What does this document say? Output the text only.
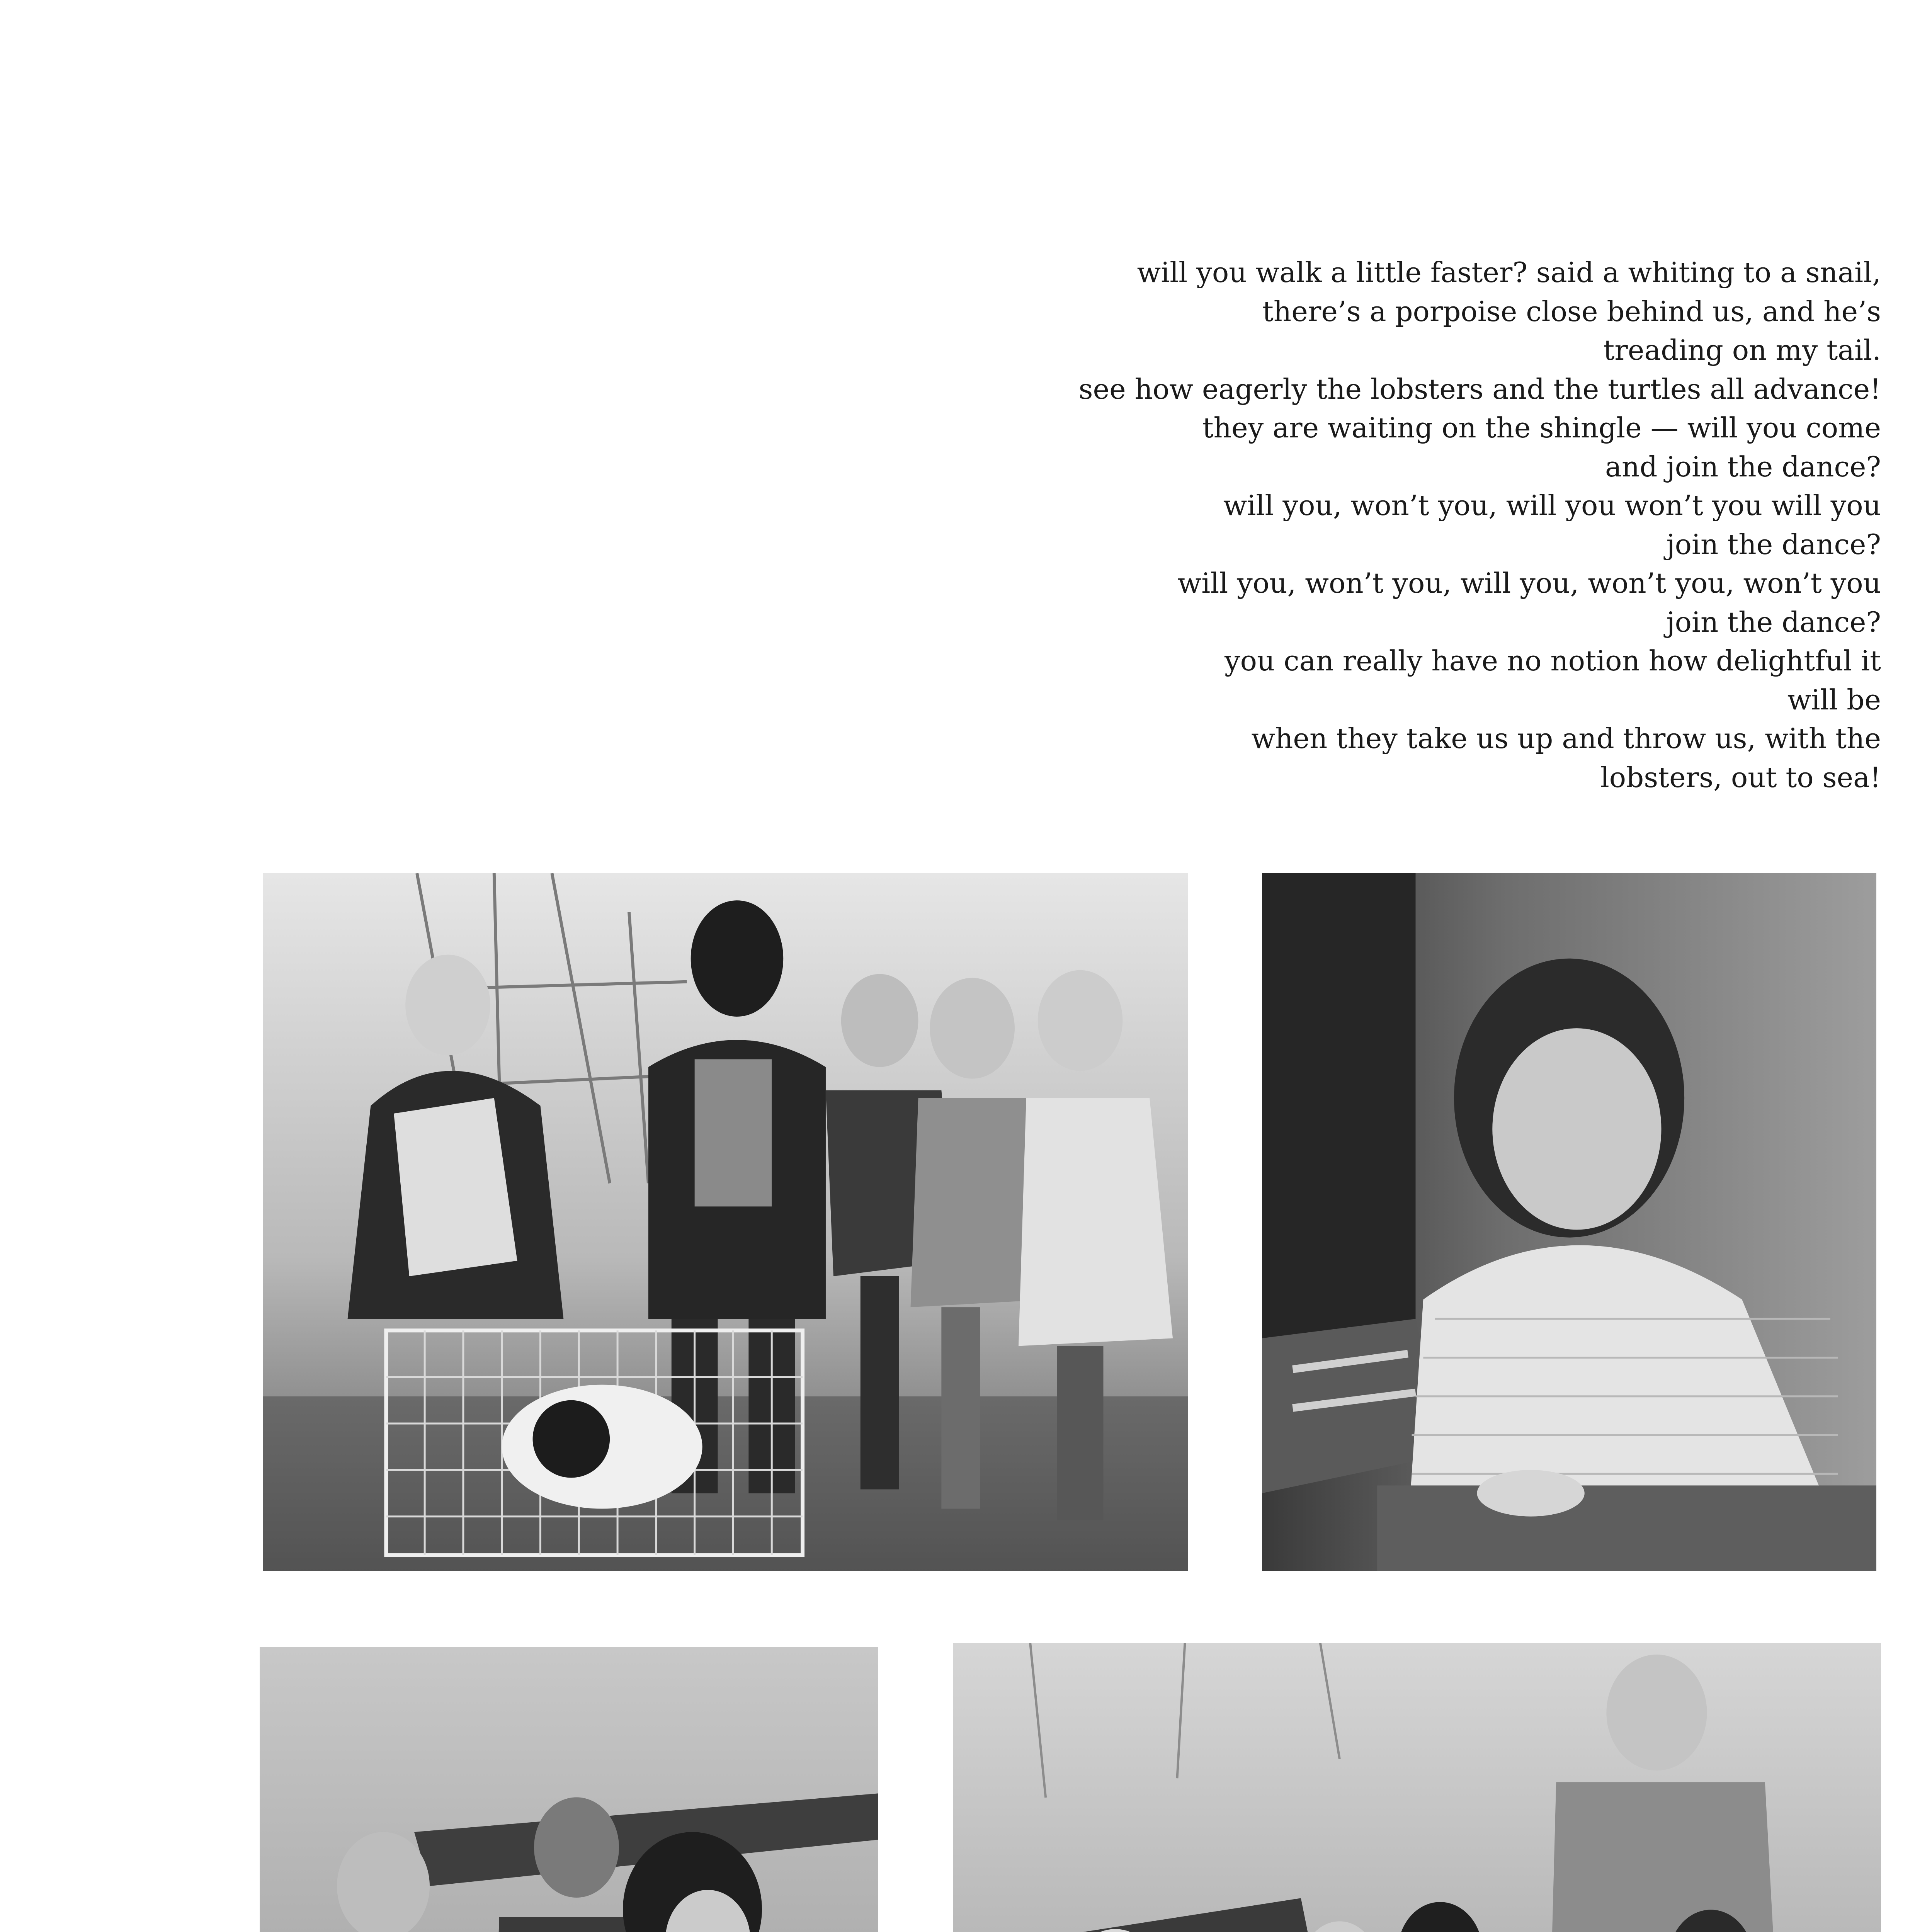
will you walk a little faster? said a whiting to a snail,
there’s a porpoise close behind us, and he’s
treading on my tail.
see how eagerly the lobsters and the turtles all advance!
they are waiting on the shingle — will you come
and join the dance?
will you, won’t you, will you won’t you will you
join the dance?
will you, won’t you, will you, won’t you, won’t you
join the dance?
you can really have no notion how delightful it
will be
when they take us up and throw us, with the
lobsters, out to sea!
